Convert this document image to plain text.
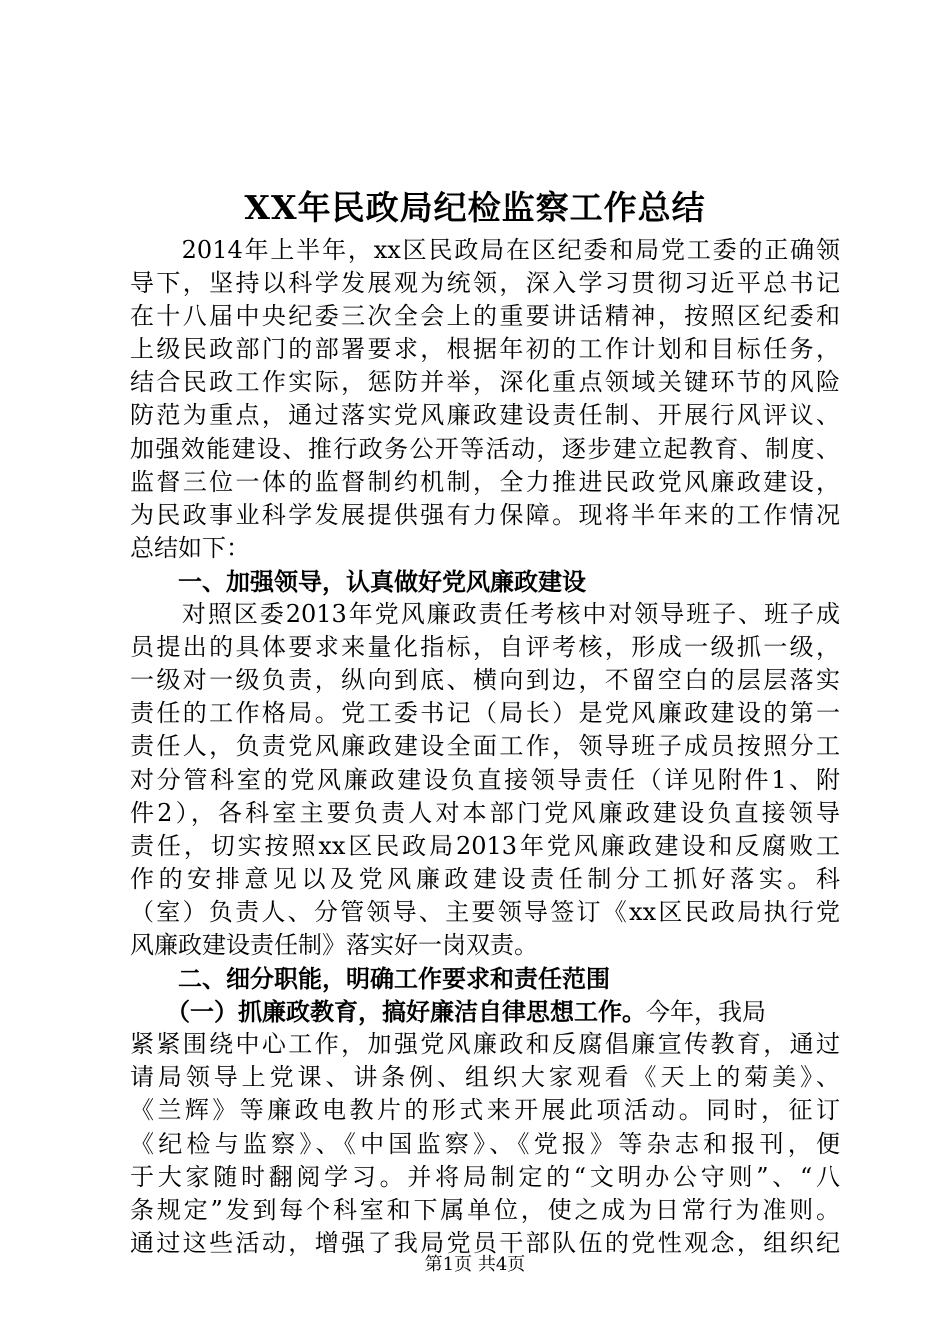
XX年民政局纪检监察工作总结
　　2014年上半年，xx区民政局在区纪委和局党工委的正确领
导下，坚持以科学发展观为统领，深入学习贯彻习近平总书记
在十八届中央纪委三次全会上的重要讲话精神，按照区纪委和
上级民政部门的部署要求，根据年初的工作计划和目标任务，
结合民政工作实际，惩防并举，深化重点领域关键环节的风险
防范为重点，通过落实党风廉政建设责任制、开展行风评议、
加强效能建设、推行政务公开等活动，逐步建立起教育、制度、
监督三位一体的监督制约机制，全力推进民政党风廉政建设，
为民政事业科学发展提供强有力保障。现将半年来的工作情况
总结如下：
　　一、加强领导，认真做好党风廉政建设
　　对照区委2013年党风廉政责任考核中对领导班子、班子成
员提出的具体要求来量化指标，自评考核，形成一级抓一级，
一级对一级负责，纵向到底、横向到边，不留空白的层层落实
责任的工作格局。党工委书记（局长）是党风廉政建设的第一
责任人，负责党风廉政建设全面工作，领导班子成员按照分工
对分管科室的党风廉政建设负直接领导责任（详见附件1、附
件2），各科室主要负责人对本部门党风廉政建设负直接领导
责任，切实按照xx区民政局2013年党风廉政建设和反腐败工
作的安排意见以及党风廉政建设责任制分工抓好落实。科
（室）负责人、分管领导、主要领导签订《xx区民政局执行党
风廉政建设责任制》落实好一岗双责。
　　二、细分职能，明确工作要求和责任范围
　　（一）抓廉政教育，搞好廉洁自律思想工作。今年，我局
紧紧围绕中心工作，加强党风廉政和反腐倡廉宣传教育，通过
请局领导上党课、讲条例、组织大家观看《天上的菊美》、
《兰辉》等廉政电教片的形式来开展此项活动。同时，征订
《纪检与监察》、《中国监察》、《党报》等杂志和报刊，便
于大家随时翻阅学习。并将局制定的“文明办公守则”、“八
条规定”发到每个科室和下属单位，使之成为日常行为准则。
通过这些活动，增强了我局党员干部队伍的党性观念，组织纪
第1页 共4页
